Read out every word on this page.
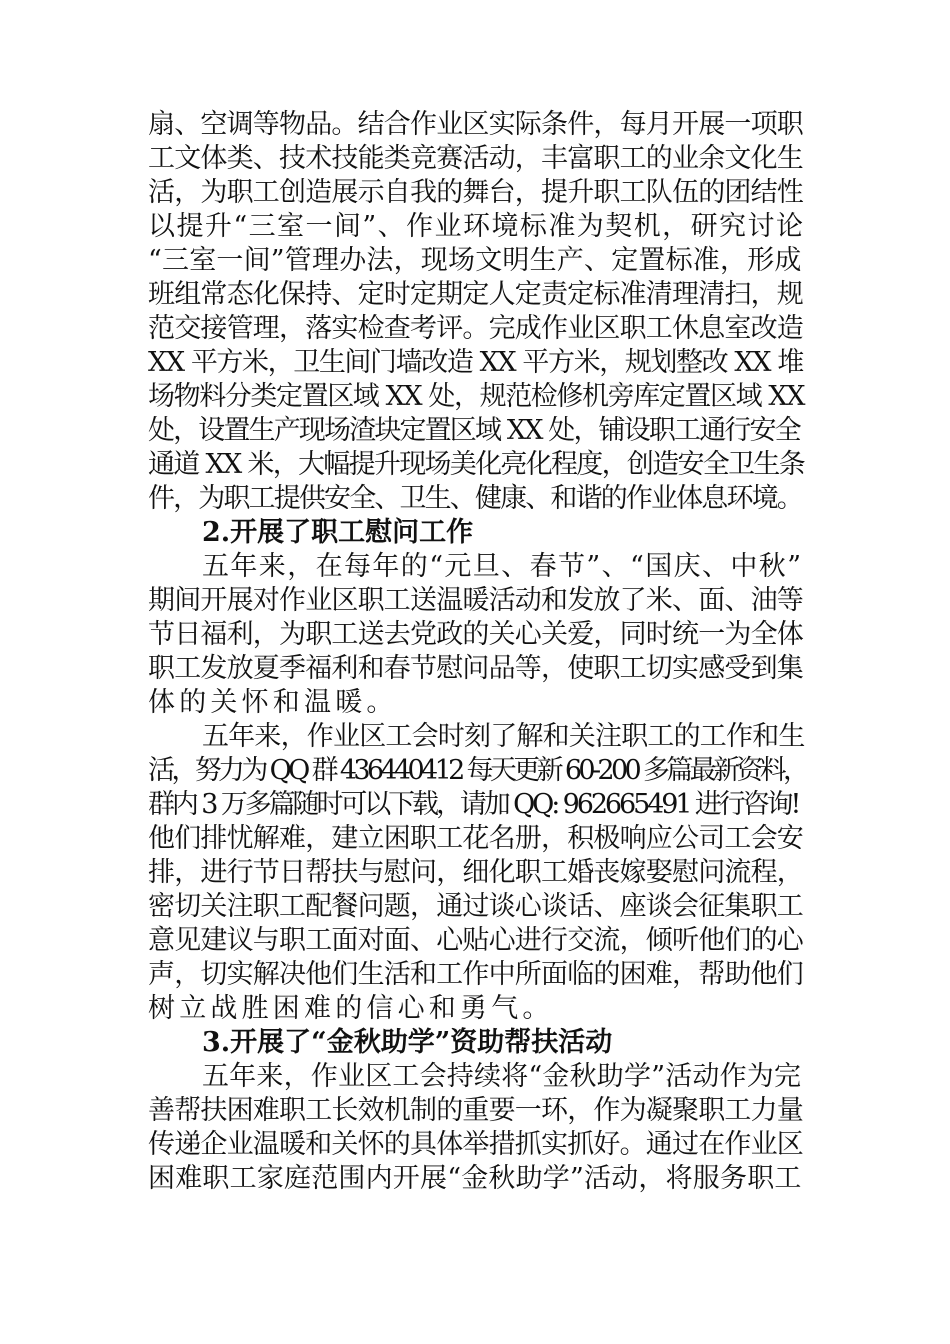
扇、空调等物品。结合作业区实际条件，每月开展一项职
工文体类、技术技能类竞赛活动，丰富职工的业余文化生
活，为职工创造展示自我的舞台，提升职工队伍的团结性
以提升“三室一间”、作业环境标准为契机，研究讨论
“三室一间”管理办法，现场文明生产、定置标准，形成
班组常态化保持、定时定期定人定责定标准清理清扫，规
范交接管理，落实检查考评。完成作业区职工休息室改造
XX 平方米，卫生间门墙改造 XX 平方米，规划整改 XX 堆
场物料分类定置区域 XX 处，规范检修机旁库定置区域 XX
处，设置生产现场渣块定置区域 XX 处，铺设职工通行安全
通道 XX 米，大幅提升现场美化亮化程度，创造安全卫生条
件，为职工提供安全、卫生、健康、和谐的作业体息环境。
2.开展了职工慰问工作
五年来，在每年的“元旦、春节”、“国庆、中秋”
期间开展对作业区职工送温暖活动和发放了米、面、油等
节日福利，为职工送去党政的关心关爱，同时统一为全体
职工发放夏季福利和春节慰问品等，使职工切实感受到集
体的关怀和温暖。
五年来，作业区工会时刻了解和关注职工的工作和生
活，努力为 QQ 群 436440412 每天更新 60-200 多篇最新资料，
群内 3 万多篇随时可以下载，请加 QQ: 962665491 进行咨询!
他们排忧解难，建立困职工花名册，积极响应公司工会安
排，进行节日帮扶与慰问，细化职工婚丧嫁娶慰问流程，
密切关注职工配餐问题，通过谈心谈话、座谈会征集职工
意见建议与职工面对面、心贴心进行交流，倾听他们的心
声，切实解决他们生活和工作中所面临的困难，帮助他们
树立战胜困难的信心和勇气。
3.开展了“金秋助学”资助帮扶活动
五年来，作业区工会持续将“金秋助学”活动作为完
善帮扶困难职工长效机制的重要一环，作为凝聚职工力量
传递企业温暖和关怀的具体举措抓实抓好。通过在作业区
困难职工家庭范围内开展“金秋助学”活动，将服务职工
